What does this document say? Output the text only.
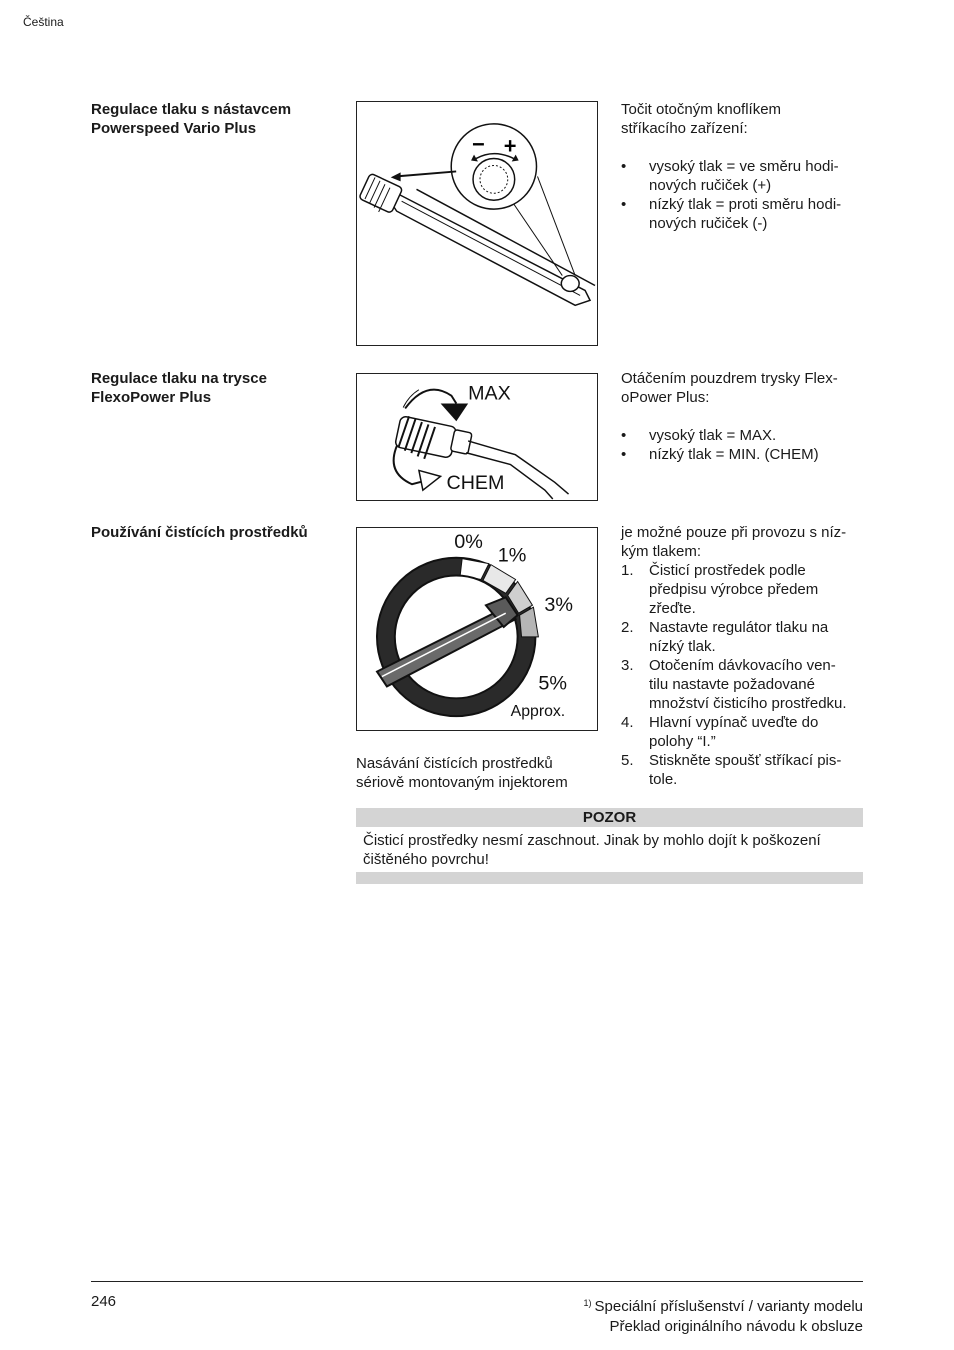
Čeština
Regulace tlaku s nástavcem
Powerspeed Vario Plus
− +
Točit otočným knoflíkem
stříkacího zařízení:
•	vysoký tlak = ve směru hodi-
nových ručiček (+)
•	nízký tlak = proti směru hodi-
nových ručiček (-)
Regulace tlaku na trysce
FlexoPower Plus	MAX
CHEM
Otáčením pouzdrem trysky Flex-
oPower Plus:
•	vysoký tlak = MAX.
•	nízký tlak = MIN. (CHEM)
Používání čistících prostředků	0%
1%
3%
5%
Approx.
Nasávání čistících prostředků
sériově montovaným injektorem
je možné pouze při provozu s níz-
kým tlakem:
1.	Čisticí prostředek podle
předpisu výrobce předem
zřeďte.
2.	Nastavte regulátor tlaku na
nízký tlak.
3.	Otočením dávkovacího ven-
tilu nastavte požadované
množství čisticího prostředku.
4.	Hlavní vypínač uveďte do
polohy “I.”
5.	Stiskněte spoušť stříkací pis-
tole.
POZOR
Čisticí prostředky nesmí zaschnout. Jinak by mohlo dojít k poškození
čištěného povrchu!
246	$^{1)}$ Speciální příslušenství / varianty modelu
Překlad originálního návodu k obsluze
